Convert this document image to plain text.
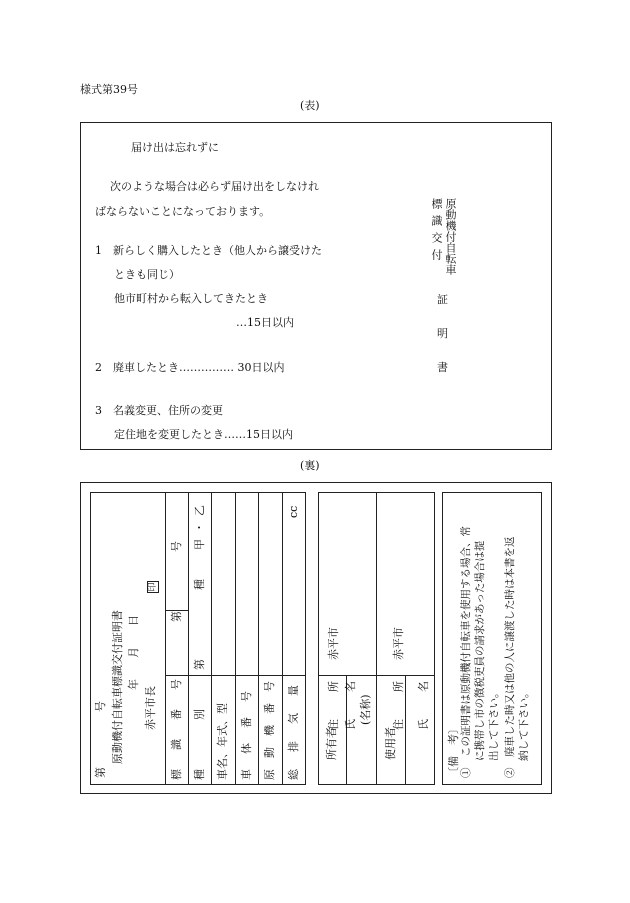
様式第39号
(表)
届け出は忘れずに
次のような場合は必らず届け出をしなけれ
ばならないことになっております。
1　新らしく購入したとき（他人から譲受けた
ときも同じ）
他市町村から転入してきたとき
…15日以内
2　廃車したとき…………… 30日以内
3　名義変更、住所の変更
定住地を変更したとき……15日以内
原動機付自転車
標識交付
証
明
書
(裏)
第
号 原動機付自転車標識交付証明書 年
月
日
赤平市長
印
標　識　番　号 種　　　別 車名、年式、型 車　体　番　号 原　動　機　番　号 総　排　気　量
第
号
第
種
甲・乙	cc
所有者	使用者
住　所
赤平市
氏　名 (名称) 住　所
赤平市
氏　名
〔備　考〕 ①　この証明書は原動機付自転車を使用する場合、常 に携帯し市の徴税吏員の請求があった場合は提 出して下さい。 ②　廃車した時又は他の人に譲渡した時は本書を返 納して下さい。
